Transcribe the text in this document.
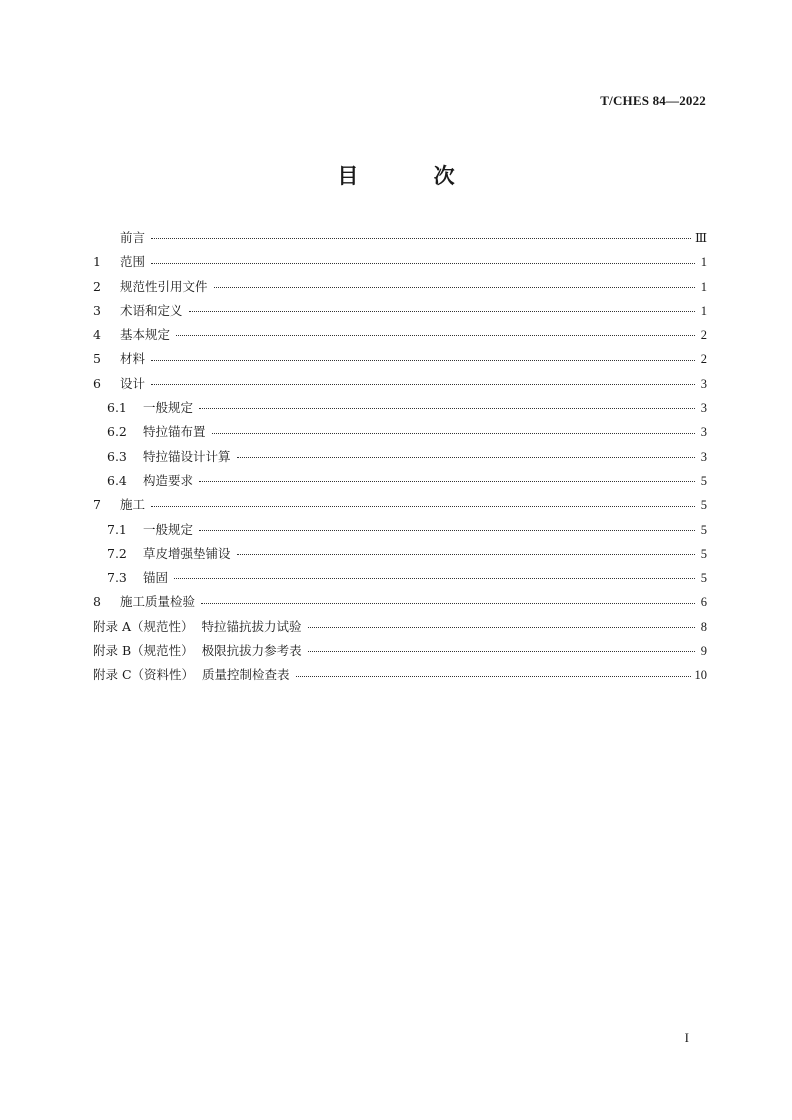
T/CHES 84—2022
目 次
前言	Ⅲ
1	范围	1
2	规范性引用文件	1
3	术语和定义	1
4	基本规定	2
5	材料	2
6	设计	3
6.1	一般规定	3
6.2	特拉锚布置	3
6.3	特拉锚设计计算	3
6.4	构造要求	5
7	施工	5
7.1	一般规定	5
7.2	草皮增强垫铺设	5
7.3	锚固	5
8	施工质量检验	6
附录 A（规范性） 特拉锚抗拔力试验	8
附录 B（规范性） 极限抗拔力参考表	9
附录 C（资料性） 质量控制检查表	10
I
